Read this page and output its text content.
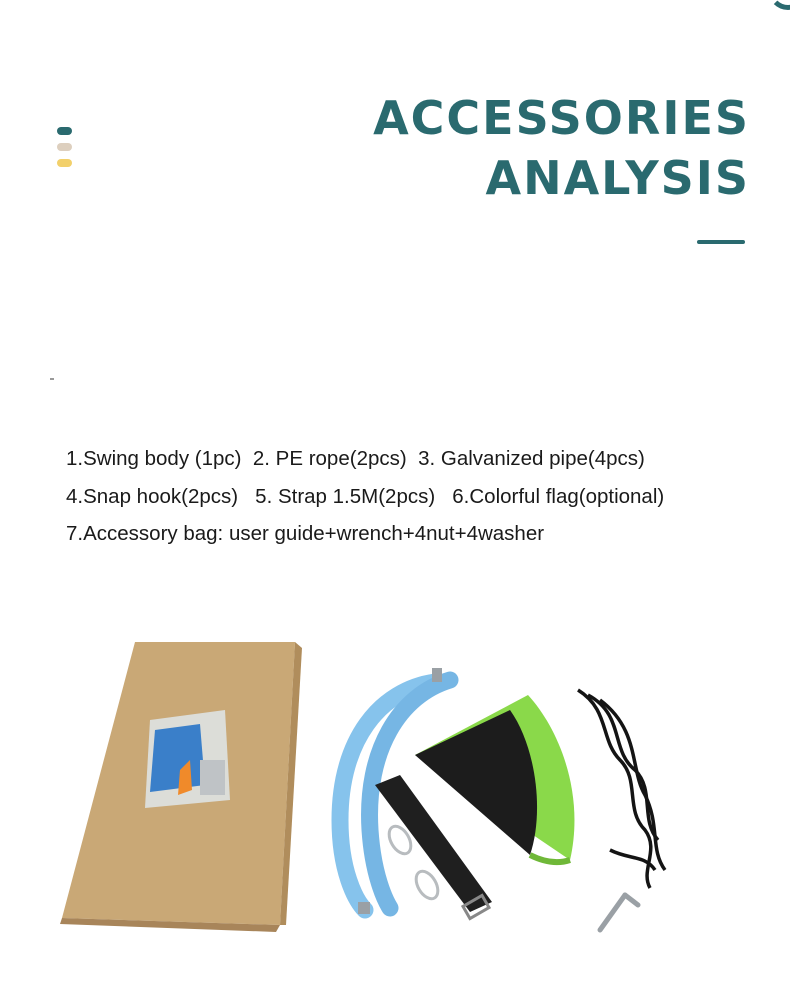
ACCESSORIES
ANALYSIS
1.Swing body (1pc)  2. PE rope(2pcs)  3. Galvanized pipe(4pcs)
4.Snap hook(2pcs)   5. Strap 1.5M(2pcs)   6.Colorful flag(optional)
7.Accessory bag: user guide+wrench+4nut+4washer
